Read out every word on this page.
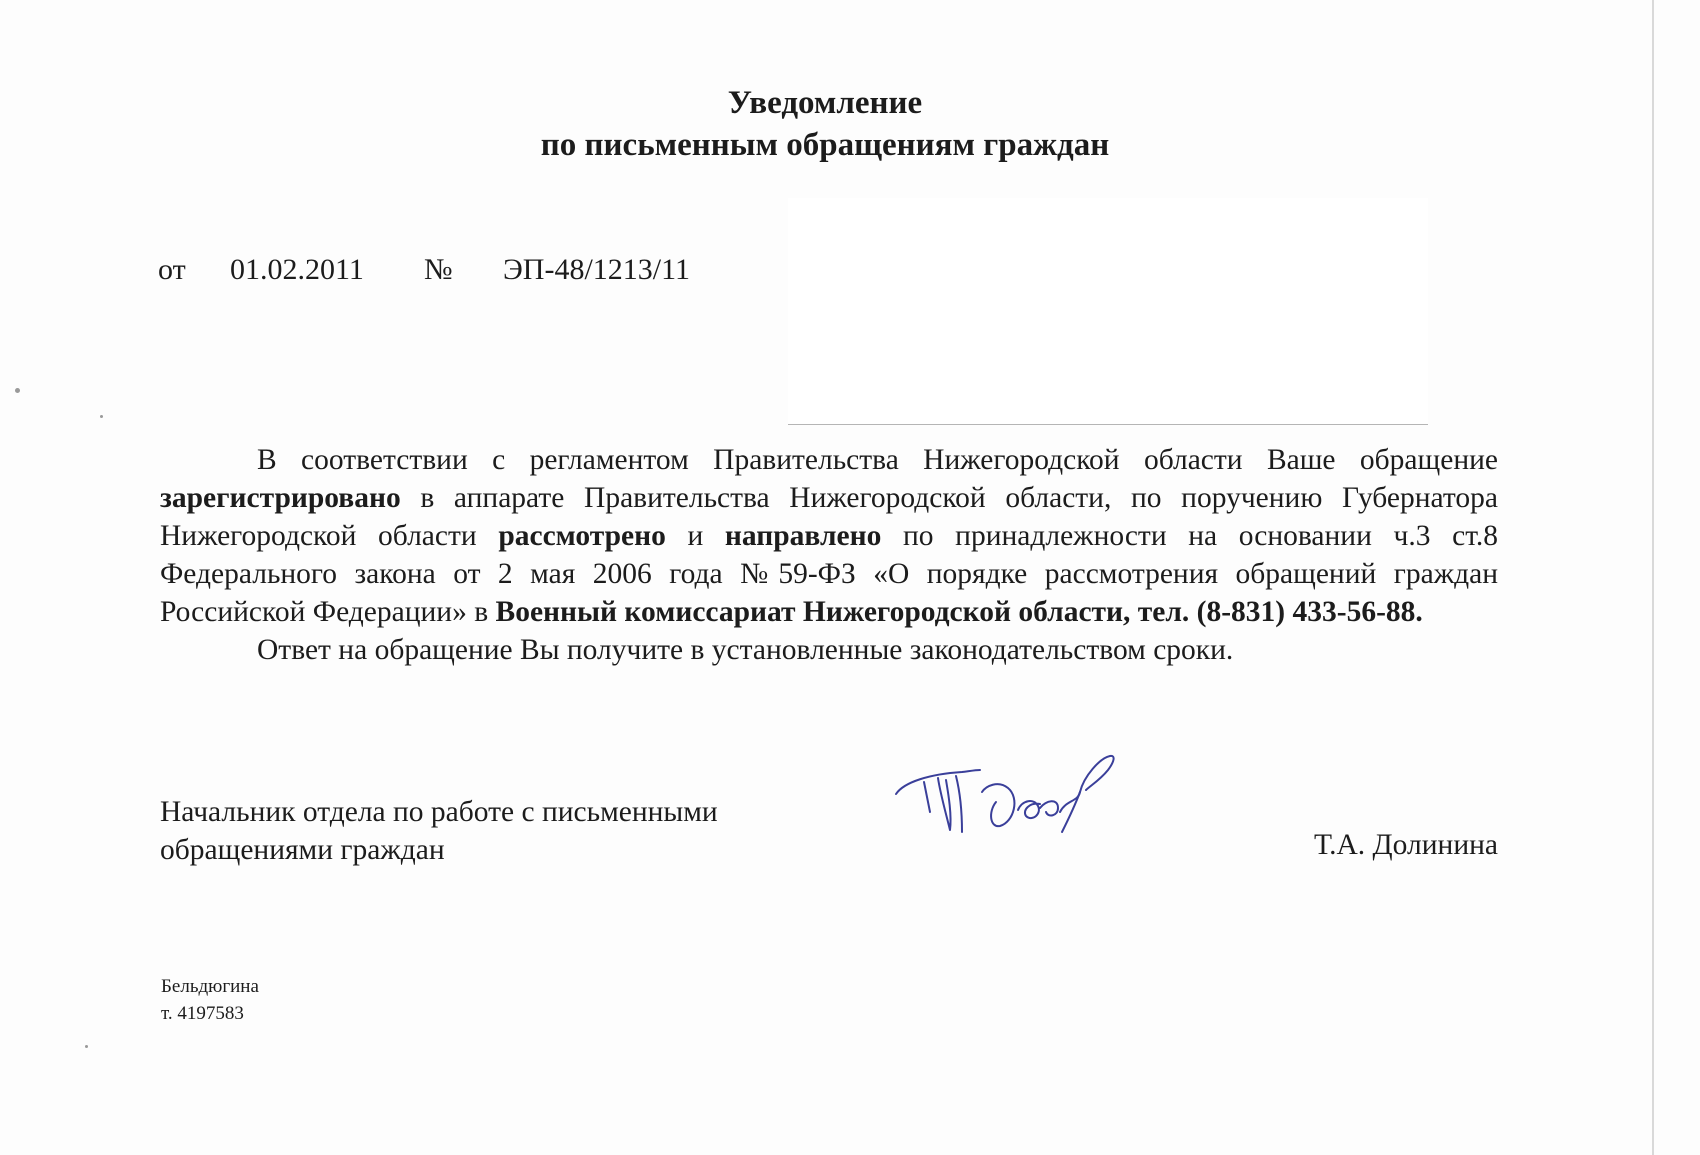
Уведомление
по письменным обращениям граждан
от 01.02.2011 № ЭП-48/1213/11

В соответствии с регламентом Правительства Нижегородской области Ваше обращение зарегистрировано в аппарате Правительства Нижегородской области, по поручению Губернатора Нижегородской области рассмотрено и направлено по принадлежности на основании ч.3 ст.8 Федерального закона от 2 мая 2006 года №59-ФЗ «О порядке рассмотрения обращений граждан Российской Федерации» в Военный комиссариат Нижегородской области, тел. (8-831) 433-56-88.

Ответ на обращение Вы получите в установленные законодательством сроки.

Начальник отдела по работе с письменными
обращениями граждан	Т.А. Долинина
Бельдюгина
т. 4197583
